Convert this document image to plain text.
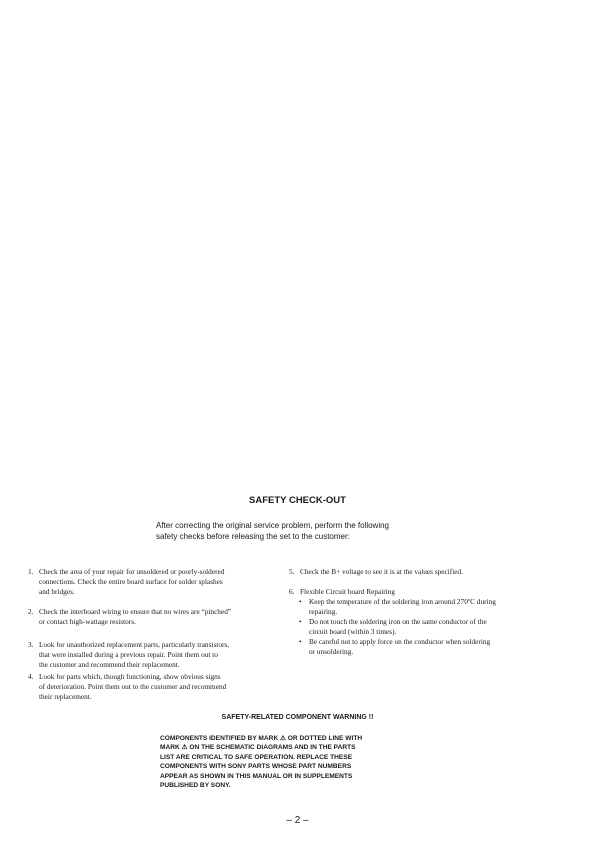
SAFETY CHECK-OUT
After correcting the original service problem, perform the following
safety checks before releasing the set to the customer:
1. Check the area of your repair for unsoldered or poorly-soldered
connections. Check the entire board surface for solder splashes
and bridges.
2. Check the interboard wiring to ensure that no wires are “pinched”
or contact high-wattage resistors.
3. Look for unauthorized replacement parts, particularly transistors,
that were installed during a previous repair. Point them out to
the customer and recommend their replacement.
4. Look for parts which, though functioning, show obvious signs
of deterioration. Point them out to the customer and recommend
their replacement.
5. Check the B+ voltage to see it is at the values specified.
6. Flexible Circuit board Repairing
• Keep the temperature of the soldering iron around 270ºC during
repairing.
• Do not touch the soldering iron on the same conductor of the
circuit board (within 3 times).
• Be careful not to apply force on the conductor when soldering
or unsoldering.
SAFETY-RELATED COMPONENT WARNING !!
COMPONENTS IDENTIFIED BY MARK ⚠ OR DOTTED LINE WITH
MARK ⚠ ON THE SCHEMATIC DIAGRAMS AND IN THE PARTS
LIST ARE CRITICAL TO SAFE OPERATION. REPLACE THESE
COMPONENTS WITH SONY PARTS WHOSE PART NUMBERS
APPEAR AS SHOWN IN THIS MANUAL OR IN SUPPLEMENTS
PUBLISHED BY SONY.
– 2 –
